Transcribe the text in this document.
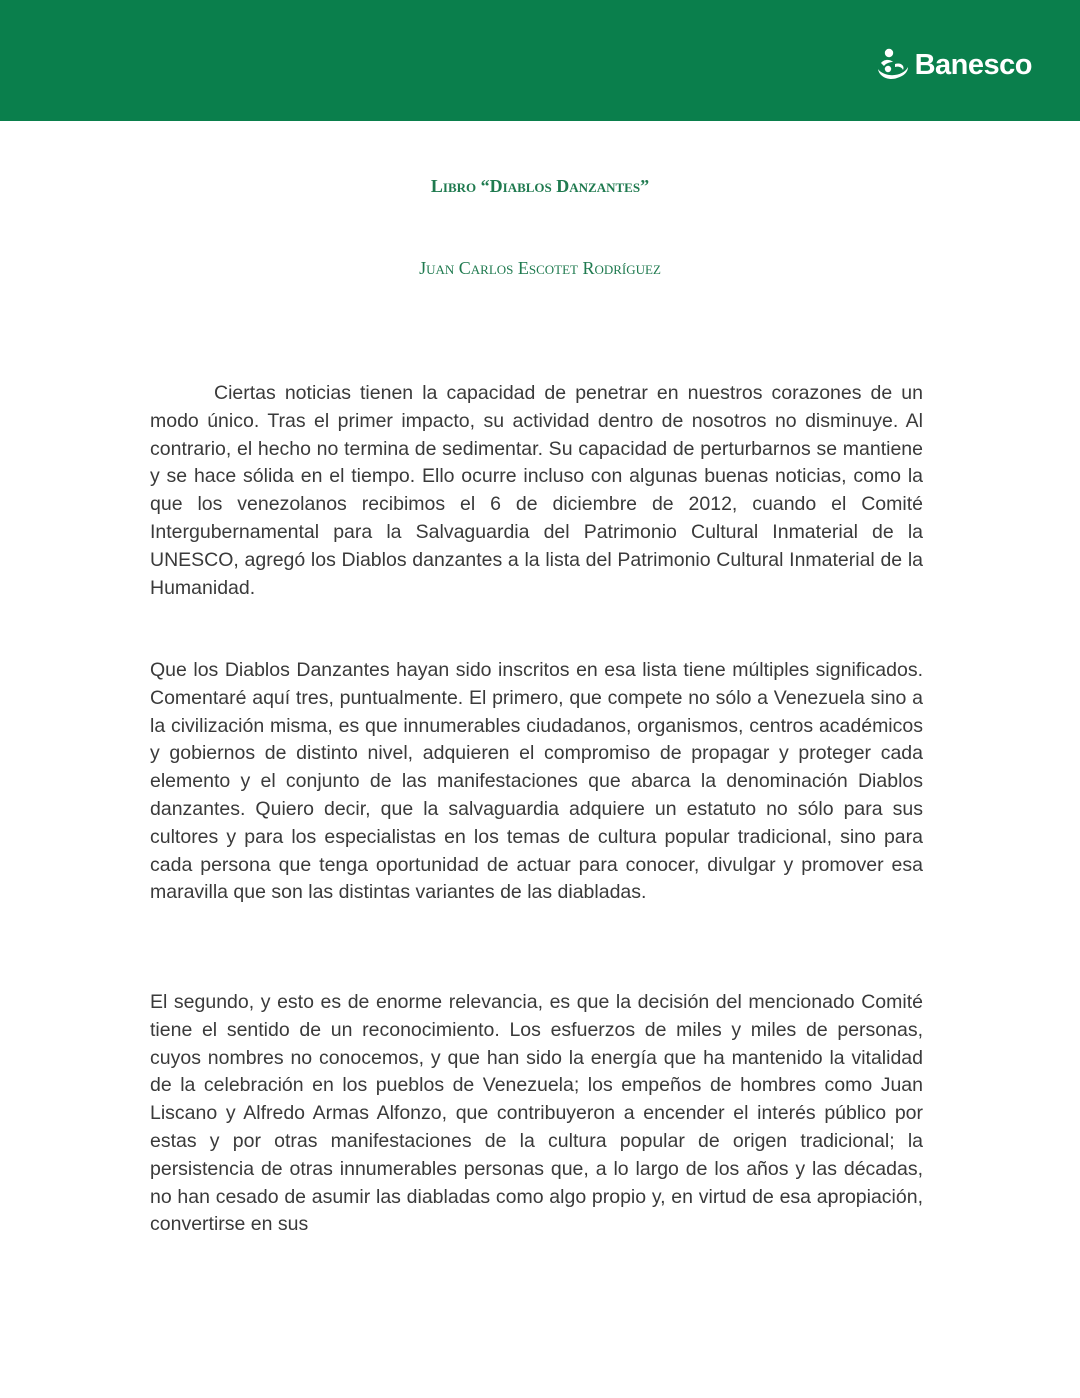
Banesco
Libro “Diablos Danzantes”
Juan Carlos Escotet Rodríguez

Ciertas noticias tienen la capacidad de penetrar en nuestros corazones de un modo único. Tras el primer impacto, su actividad dentro de nosotros no disminuye. Al contrario, el hecho no termina de sedimentar. Su capacidad de perturbarnos se mantiene y se hace sólida en el tiempo. Ello ocurre incluso con algunas buenas noticias, como la que los venezolanos recibimos el 6 de diciembre de 2012, cuando el Comité Intergubernamental para la Salvaguardia del Patrimonio Cultural Inmaterial de la UNESCO, agregó los Diablos danzantes a la lista del Patrimonio Cultural Inmaterial de la Humanidad.

Que los Diablos Danzantes hayan sido inscritos en esa lista tiene múltiples significados. Comentaré aquí tres, puntualmente. El primero, que compete no sólo a Venezuela sino a la civilización misma, es que innumerables ciudadanos, organismos, centros académicos y gobiernos de distinto nivel, adquieren el compromiso de propagar y proteger cada elemento y el conjunto de las manifestaciones que abarca la denominación Diablos danzantes. Quiero decir, que la salvaguardia adquiere un estatuto no sólo para sus cultores y para los especialistas en los temas de cultura popular tradicional, sino para cada persona que tenga oportunidad de actuar para conocer, divulgar y promover esa maravilla que son las distintas variantes de las diabladas.

El segundo, y esto es de enorme relevancia, es que la decisión del mencionado Comité tiene el sentido de un reconocimiento. Los esfuerzos de miles y miles de personas, cuyos nombres no conocemos, y que han sido la energía que ha mantenido la vitalidad de la celebración en los pueblos de Venezuela; los empeños de hombres como Juan Liscano y Alfredo Armas Alfonzo, que contribuyeron a encender el interés público por estas y por otras manifestaciones de la cultura popular de origen tradicional; la persistencia de otras innumerables personas que, a lo largo de los años y las décadas, no han cesado de asumir las diabladas como algo propio y, en virtud de esa apropiación, convertirse en sus
